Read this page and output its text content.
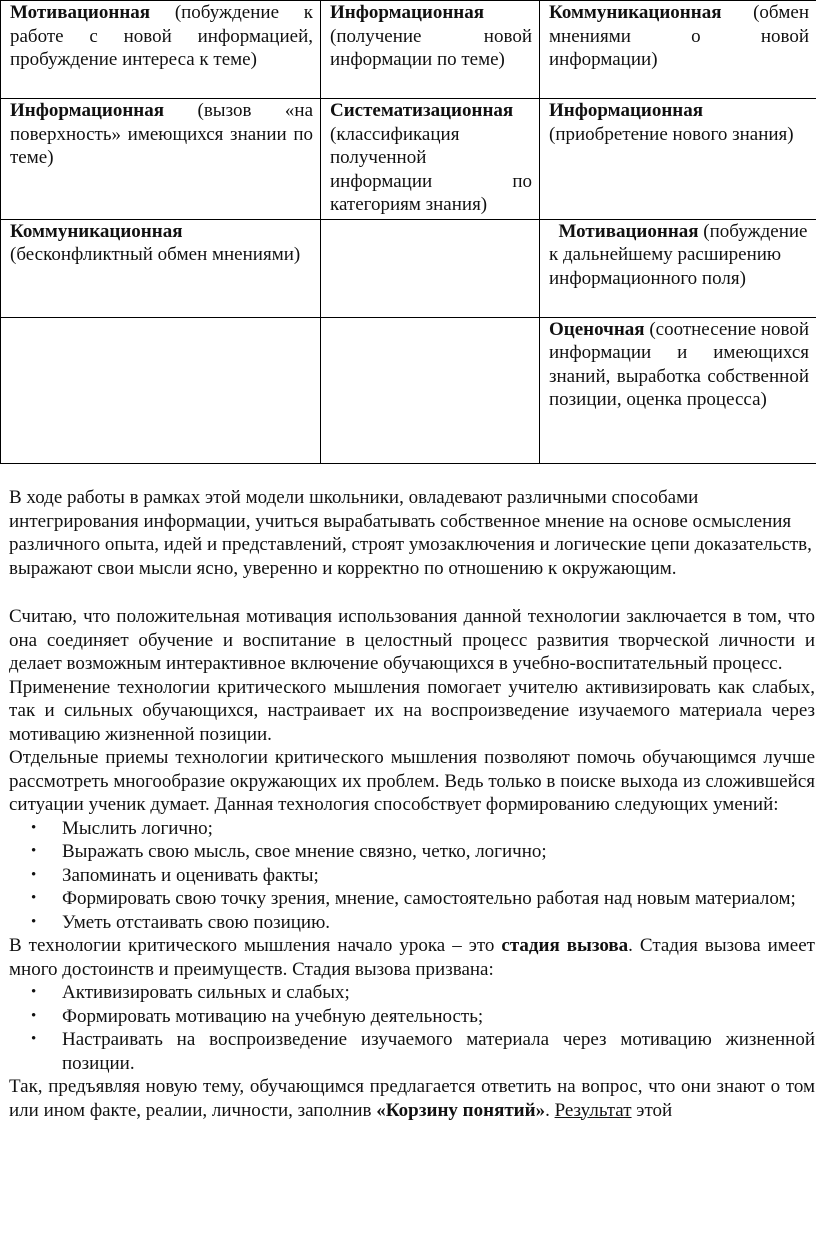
Мотивационная (побуждение к работе с новой информацией, пробуждение интереса к теме)	Информационная (получение новой информации по теме)	Коммуникационная (обмен мнениями о новой информации)
Информационная (вызов «на поверхность» имеющихся знании по теме)	Систематизационная (классификация полученной информации по категориям знания)	Информационная (приобретение нового знания)
Коммуникационная (бесконфликтный обмен мнениями)		Мотивационная (побуждение к дальнейшему расширению информационного поля)
		Оценочная (соотнесение новой информации и имеющихся знаний, выработка собственной позиции, оценка процесса)

В ходе работы в рамках этой модели школьники, овладевают различными способами интегрирования информации, учиться вырабатывать собственное мнение на основе осмысления различного опыта, идей и представлений, строят умозаключения и логические цепи доказательств, выражают свои мысли ясно, уверенно и корректно по отношению к окружающим.

Считаю, что положительная мотивация использования данной технологии заключается в том, что она соединяет обучение и воспитание в целостный процесс развития творческой личности и делает возможным интерактивное включение обучающихся в учебно-воспитательный процесс.

Применение технологии критического мышления помогает учителю активизировать как слабых, так и сильных обучающихся, настраивает их на воспроизведение изучаемого материала через мотивацию жизненной позиции.

Отдельные приемы технологии критического мышления позволяют помочь обучающимся лучше рассмотреть многообразие окружающих их проблем. Ведь только в поиске выхода из сложившейся ситуации ученик думает. Данная технология способствует формированию следующих умений:

• Мыслить логично;
• Выражать свою мысль, свое мнение связно, четко, логично;
• Запоминать и оценивать факты;
• Формировать свою точку зрения, мнение, самостоятельно работая над новым материалом;
• Уметь отстаивать свою позицию.

В технологии критического мышления начало урока – это стадия вызова. Стадия вызова имеет много достоинств и преимуществ. Стадия вызова призвана:

• Активизировать сильных и слабых;
• Формировать мотивацию на учебную деятельность;
• Настраивать на воспроизведение изучаемого материала через мотивацию жизненной позиции.

Так, предъявляя новую тему, обучающимся предлагается ответить на вопрос, что они знают о том или ином факте, реалии, личности, заполнив «Корзину понятий». Результат этой
